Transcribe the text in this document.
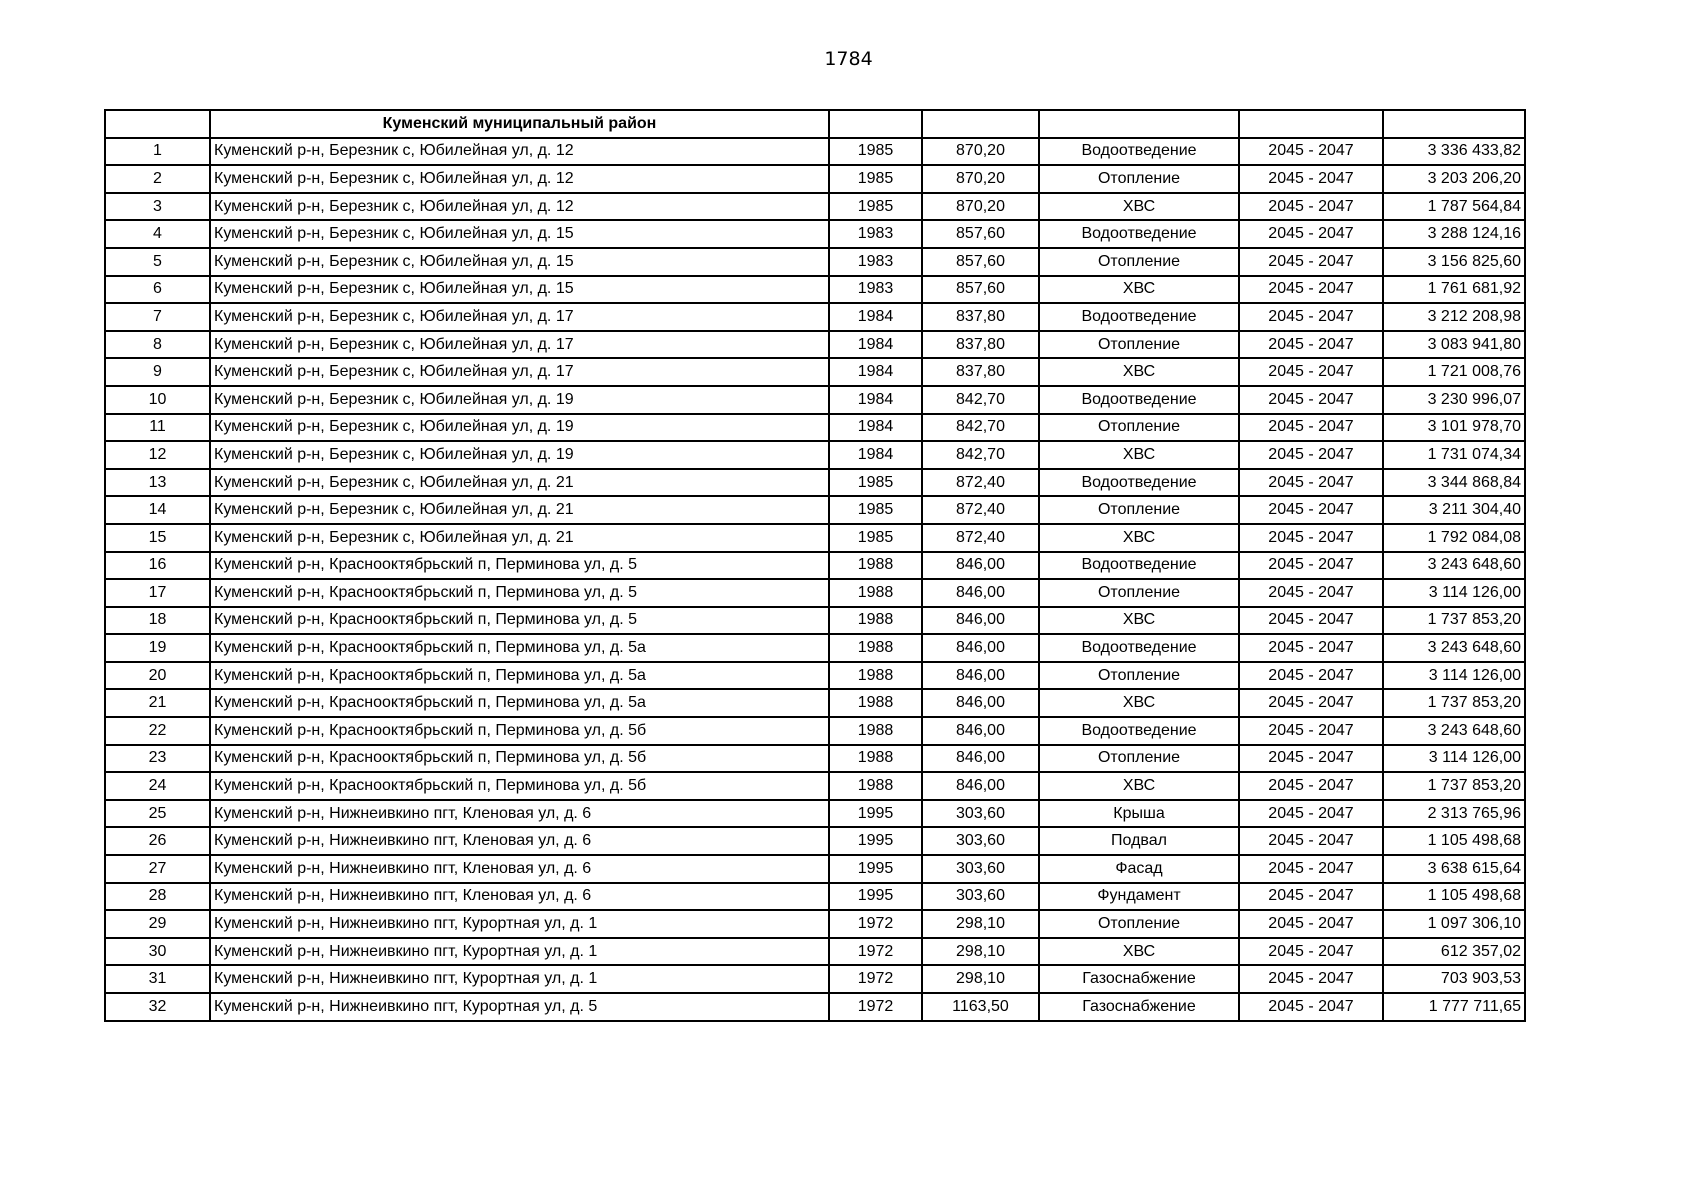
1784
	Куменский муниципальный район					
1	Куменский р-н, Березник с, Юбилейная ул, д. 12	1985	870,20	Водоотведение	2045 - 2047	3 336 433,82
2	Куменский р-н, Березник с, Юбилейная ул, д. 12	1985	870,20	Отопление	2045 - 2047	3 203 206,20
3	Куменский р-н, Березник с, Юбилейная ул, д. 12	1985	870,20	ХВС	2045 - 2047	1 787 564,84
4	Куменский р-н, Березник с, Юбилейная ул, д. 15	1983	857,60	Водоотведение	2045 - 2047	3 288 124,16
5	Куменский р-н, Березник с, Юбилейная ул, д. 15	1983	857,60	Отопление	2045 - 2047	3 156 825,60
6	Куменский р-н, Березник с, Юбилейная ул, д. 15	1983	857,60	ХВС	2045 - 2047	1 761 681,92
7	Куменский р-н, Березник с, Юбилейная ул, д. 17	1984	837,80	Водоотведение	2045 - 2047	3 212 208,98
8	Куменский р-н, Березник с, Юбилейная ул, д. 17	1984	837,80	Отопление	2045 - 2047	3 083 941,80
9	Куменский р-н, Березник с, Юбилейная ул, д. 17	1984	837,80	ХВС	2045 - 2047	1 721 008,76
10	Куменский р-н, Березник с, Юбилейная ул, д. 19	1984	842,70	Водоотведение	2045 - 2047	3 230 996,07
11	Куменский р-н, Березник с, Юбилейная ул, д. 19	1984	842,70	Отопление	2045 - 2047	3 101 978,70
12	Куменский р-н, Березник с, Юбилейная ул, д. 19	1984	842,70	ХВС	2045 - 2047	1 731 074,34
13	Куменский р-н, Березник с, Юбилейная ул, д. 21	1985	872,40	Водоотведение	2045 - 2047	3 344 868,84
14	Куменский р-н, Березник с, Юбилейная ул, д. 21	1985	872,40	Отопление	2045 - 2047	3 211 304,40
15	Куменский р-н, Березник с, Юбилейная ул, д. 21	1985	872,40	ХВС	2045 - 2047	1 792 084,08
16	Куменский р-н, Краснооктябрьский п, Перминова ул, д. 5	1988	846,00	Водоотведение	2045 - 2047	3 243 648,60
17	Куменский р-н, Краснооктябрьский п, Перминова ул, д. 5	1988	846,00	Отопление	2045 - 2047	3 114 126,00
18	Куменский р-н, Краснооктябрьский п, Перминова ул, д. 5	1988	846,00	ХВС	2045 - 2047	1 737 853,20
19	Куменский р-н, Краснооктябрьский п, Перминова ул, д. 5а	1988	846,00	Водоотведение	2045 - 2047	3 243 648,60
20	Куменский р-н, Краснооктябрьский п, Перминова ул, д. 5а	1988	846,00	Отопление	2045 - 2047	3 114 126,00
21	Куменский р-н, Краснооктябрьский п, Перминова ул, д. 5а	1988	846,00	ХВС	2045 - 2047	1 737 853,20
22	Куменский р-н, Краснооктябрьский п, Перминова ул, д. 5б	1988	846,00	Водоотведение	2045 - 2047	3 243 648,60
23	Куменский р-н, Краснооктябрьский п, Перминова ул, д. 5б	1988	846,00	Отопление	2045 - 2047	3 114 126,00
24	Куменский р-н, Краснооктябрьский п, Перминова ул, д. 5б	1988	846,00	ХВС	2045 - 2047	1 737 853,20
25	Куменский р-н, Нижнеивкино пгт, Кленовая ул, д. 6	1995	303,60	Крыша	2045 - 2047	2 313 765,96
26	Куменский р-н, Нижнеивкино пгт, Кленовая ул, д. 6	1995	303,60	Подвал	2045 - 2047	1 105 498,68
27	Куменский р-н, Нижнеивкино пгт, Кленовая ул, д. 6	1995	303,60	Фасад	2045 - 2047	3 638 615,64
28	Куменский р-н, Нижнеивкино пгт, Кленовая ул, д. 6	1995	303,60	Фундамент	2045 - 2047	1 105 498,68
29	Куменский р-н, Нижнеивкино пгт, Курортная ул, д. 1	1972	298,10	Отопление	2045 - 2047	1 097 306,10
30	Куменский р-н, Нижнеивкино пгт, Курортная ул, д. 1	1972	298,10	ХВС	2045 - 2047	612 357,02
31	Куменский р-н, Нижнеивкино пгт, Курортная ул, д. 1	1972	298,10	Газоснабжение	2045 - 2047	703 903,53
32	Куменский р-н, Нижнеивкино пгт, Курортная ул, д. 5	1972	1163,50	Газоснабжение	2045 - 2047	1 777 711,65
